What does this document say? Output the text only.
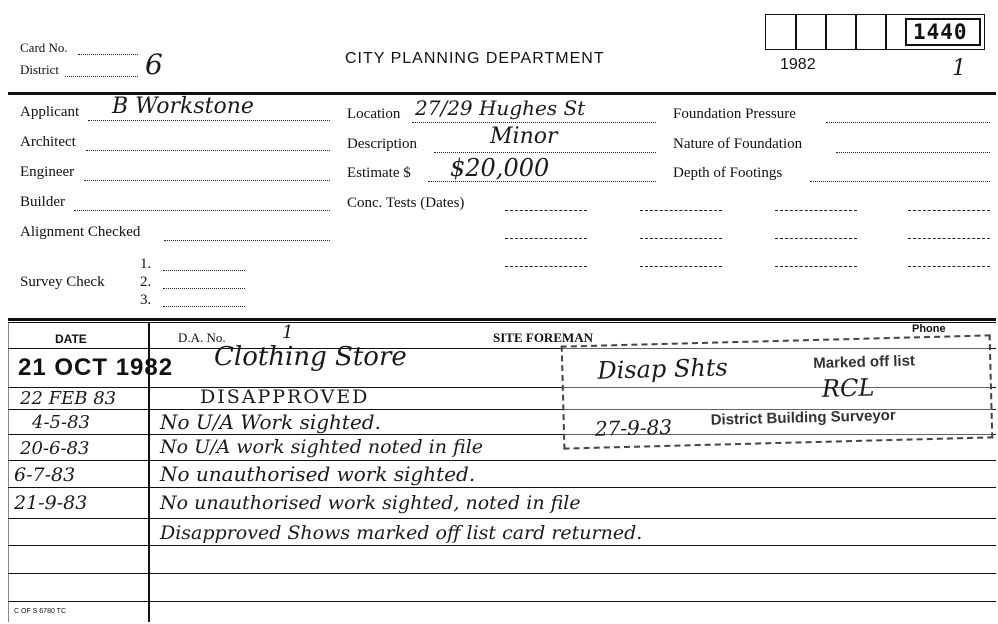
Card No.
District	6	CITY PLANNING DEPARTMENT	1982	1
1440
Applicant B Workstone
Architect
Engineer
Builder
Alignment Checked
Survey Check
1.
2.
3.
Location 27/29 Hughes St
Description	Minor
Estimate $ $20,000
Conc. Tests (Dates)
Foundation Pressure
Nature of Foundation
Depth of Footings
DATE	D.A. No.	1	SITE FOREMAN
Phone
21 OCT 1982 Clothing Store
22 FEB 83	DISAPPROVED
4-5-83	No U/A Work sighted.
20-6-83	No U/A work sighted noted in file
6-7-83	No unauthorised work sighted.
21-9-83	No unauthorised work sighted, noted in file
Disapproved Shows marked off list card returned.
Disap Shts	Marked off list
RCL
27-9-83	District Building Surveyor
C OF S 6780 TC
